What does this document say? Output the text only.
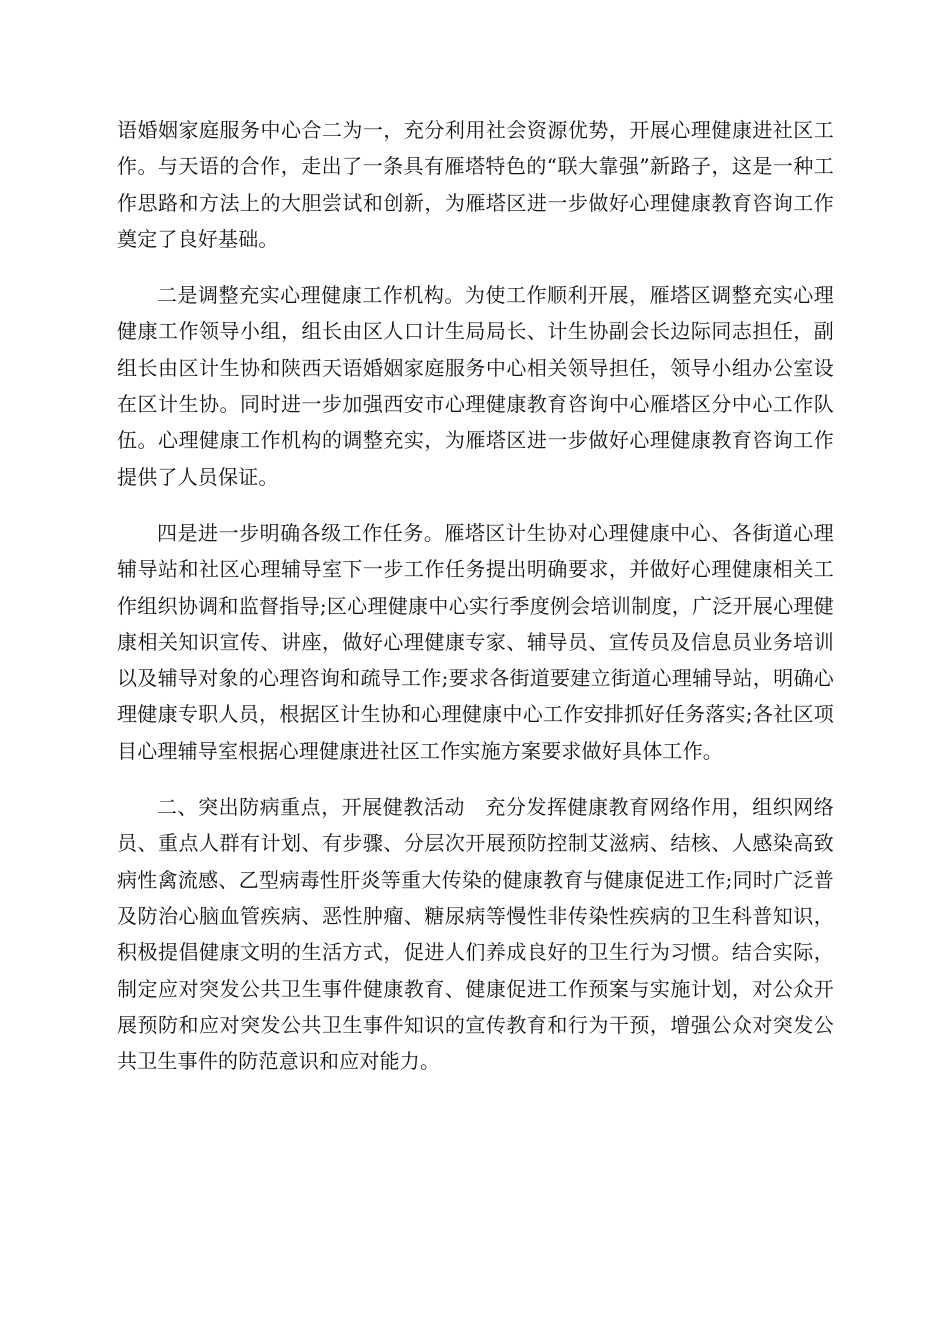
语婚姻家庭服务中心合二为一，充分利用社会资源优势，开展心理健康进社区工作。与天语的合作，走出了一条具有雁塔特色的“联大靠强”新路子，这是一种工作思路和方法上的大胆尝试和创新，为雁塔区进一步做好心理健康教育咨询工作奠定了良好基础。

二是调整充实心理健康工作机构。为使工作顺利开展，雁塔区调整充实心理健康工作领导小组，组长由区人口计生局局长、计生协副会长边际同志担任，副组长由区计生协和陕西天语婚姻家庭服务中心相关领导担任，领导小组办公室设在区计生协。同时进一步加强西安市心理健康教育咨询中心雁塔区分中心工作队伍。心理健康工作机构的调整充实，为雁塔区进一步做好心理健康教育咨询工作提供了人员保证。

四是进一步明确各级工作任务。雁塔区计生协对心理健康中心、各街道心理辅导站和社区心理辅导室下一步工作任务提出明确要求，并做好心理健康相关工作组织协调和监督指导;区心理健康中心实行季度例会培训制度，广泛开展心理健康相关知识宣传、讲座，做好心理健康专家、辅导员、宣传员及信息员业务培训以及辅导对象的心理咨询和疏导工作;要求各街道要建立街道心理辅导站，明确心理健康专职人员，根据区计生协和心理健康中心工作安排抓好任务落实;各社区项目心理辅导室根据心理健康进社区工作实施方案要求做好具体工作。

二、突出防病重点，开展健教活动　充分发挥健康教育网络作用，组织网络员、重点人群有计划、有步骤、分层次开展预防控制艾滋病、结核、人感染高致病性禽流感、乙型病毒性肝炎等重大传染的健康教育与健康促进工作;同时广泛普及防治心脑血管疾病、恶性肿瘤、糖尿病等慢性非传染性疾病的卫生科普知识，积极提倡健康文明的生活方式，促进人们养成良好的卫生行为习惯。结合实际，制定应对突发公共卫生事件健康教育、健康促进工作预案与实施计划，对公众开展预防和应对突发公共卫生事件知识的宣传教育和行为干预，增强公众对突发公共卫生事件的防范意识和应对能力。
